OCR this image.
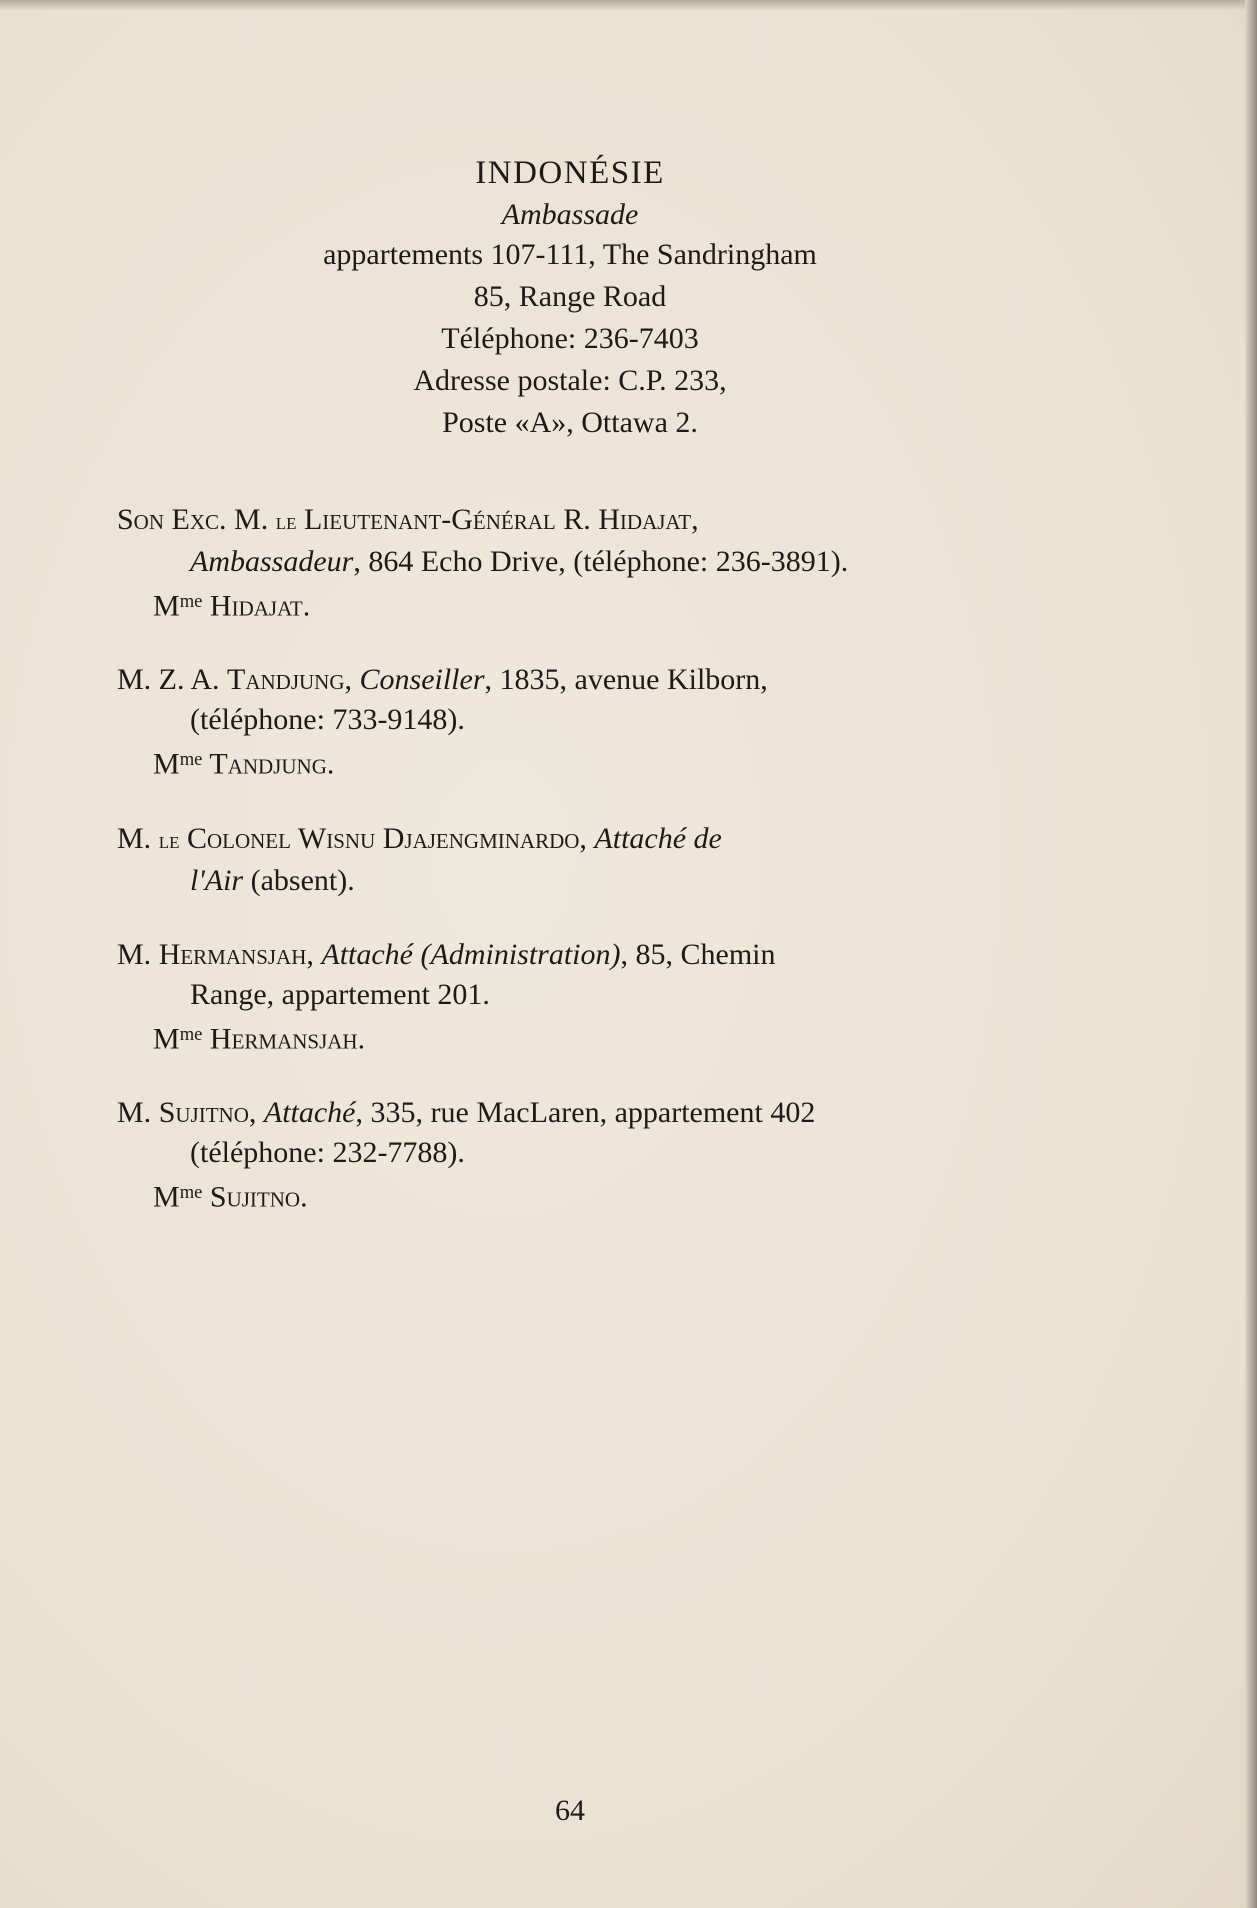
INDONÉSIE
Ambassade
appartements 107-111, The Sandringham
85, Range Road
Téléphone: 236-7403
Adresse postale: C.P. 233,
Poste «A», Ottawa 2.
Son Exc. M. le Lieutenant-Général R. Hidajat,
Ambassadeur, 864 Echo Drive, (téléphone: 236-3891).
$M^{me}$ Hidajat.
M. Z. A. Tandjung, Conseiller, 1835, avenue Kilborn,
(téléphone: 733-9148).
$M^{me}$ Tandjung.
M. le Colonel Wisnu Djajengminardo, Attaché de
l'Air (absent).
M. Hermansjah, Attaché (Administration), 85, Chemin
Range, appartement 201.
$M^{me}$ Hermansjah.
M. Sujitno, Attaché, 335, rue MacLaren, appartement 402
(téléphone: 232-7788).
$M^{me}$ Sujitno.
64
